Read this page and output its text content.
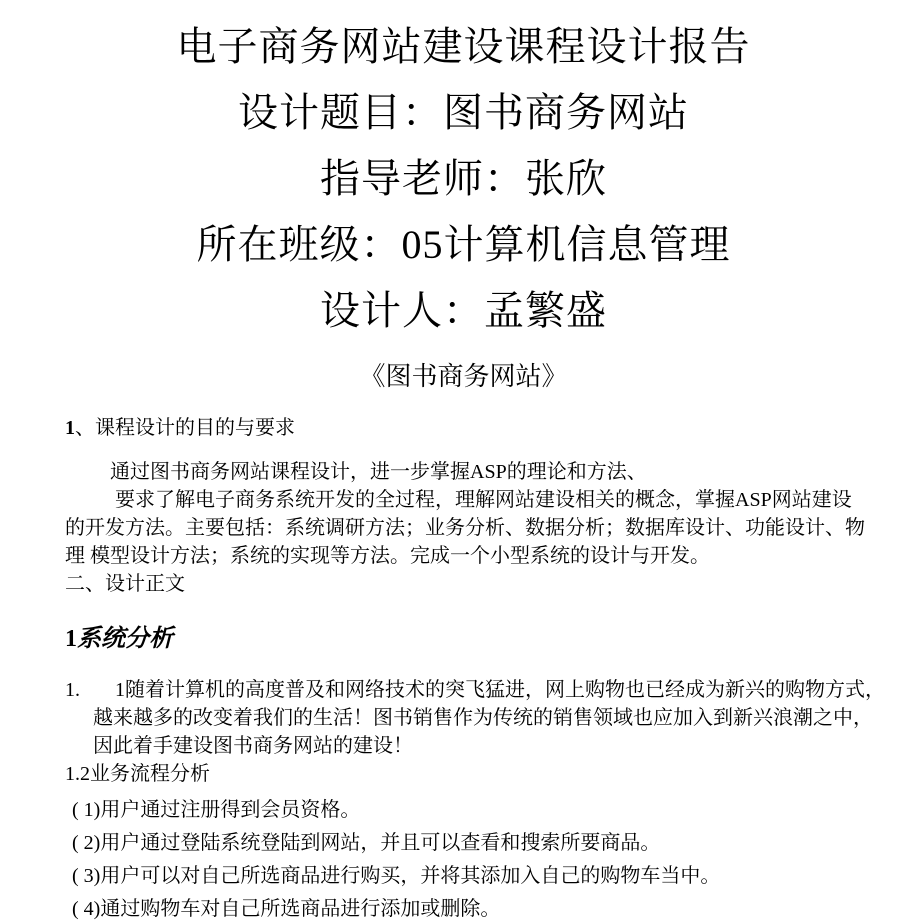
电子商务网站建设课程设计报告
设计题目：图书商务网站
指导老师：张欣
所在班级：05计算机信息管理
设计人：孟繁盛
《图书商务网站》
1、课程设计的目的与要求
通过图书商务网站课程设计，进一步掌握ASP的理论和方法、
要求了解电子商务系统开发的全过程，理解网站建设相关的概念，掌握ASP网站建设
的开发方法。主要包括：系统调研方法；业务分析、数据分析；数据库设计、功能设计、物
理 模型设计方法；系统的实现等方法。完成一个小型系统的设计与开发。
二、设计正文
1系统分析
1.	1随着计算机的高度普及和网络技术的突飞猛进，网上购物也已经成为新兴的购物方式，
越来越多的改变着我们的生活！图书销售作为传统的销售领域也应加入到新兴浪潮之中，
因此着手建设图书商务网站的建设！
1.2业务流程分析
( 1)用户通过注册得到会员资格。
( 2)用户通过登陆系统登陆到网站，并且可以查看和搜索所要商品。
( 3)用户可以对自己所选商品进行购买，并将其添加入自己的购物车当中。
( 4)通过购物车对自己所选商品进行添加或删除。
